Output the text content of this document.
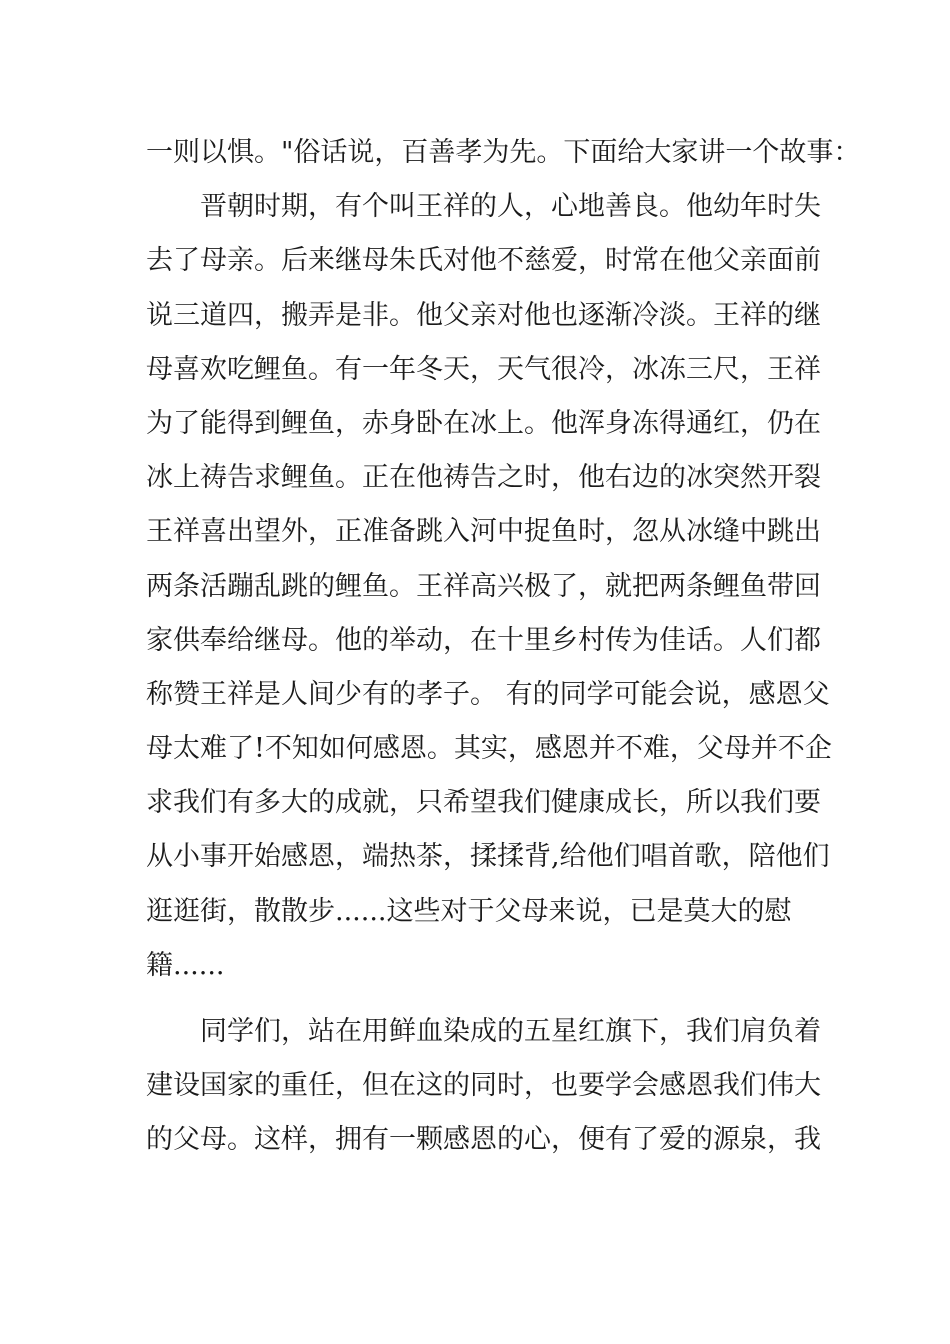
一则以惧。"俗话说，百善孝为先。下面给大家讲一个故事：
晋朝时期，有个叫王祥的人，心地善良。他幼年时失
去了母亲。后来继母朱氏对他不慈爱，时常在他父亲面前
说三道四，搬弄是非。他父亲对他也逐渐冷淡。王祥的继
母喜欢吃鲤鱼。有一年冬天，天气很冷，冰冻三尺，王祥
为了能得到鲤鱼，赤身卧在冰上。他浑身冻得通红，仍在
冰上祷告求鲤鱼。正在他祷告之时，他右边的冰突然开裂
王祥喜出望外，正准备跳入河中捉鱼时，忽从冰缝中跳出
两条活蹦乱跳的鲤鱼。王祥高兴极了，就把两条鲤鱼带回
家供奉给继母。他的举动，在十里乡村传为佳话。人们都
称赞王祥是人间少有的孝子。 有的同学可能会说，感恩父
母太难了!不知如何感恩。其实，感恩并不难，父母并不企
求我们有多大的成就，只希望我们健康成长，所以我们要
从小事开始感恩，端热茶，揉揉背,给他们唱首歌，陪他们
逛逛街，散散步......这些对于父母来说，已是莫大的慰
籍......
同学们，站在用鲜血染成的五星红旗下，我们肩负着
建设国家的重任，但在这的同时，也要学会感恩我们伟大
的父母。这样，拥有一颗感恩的心，便有了爱的源泉，我
